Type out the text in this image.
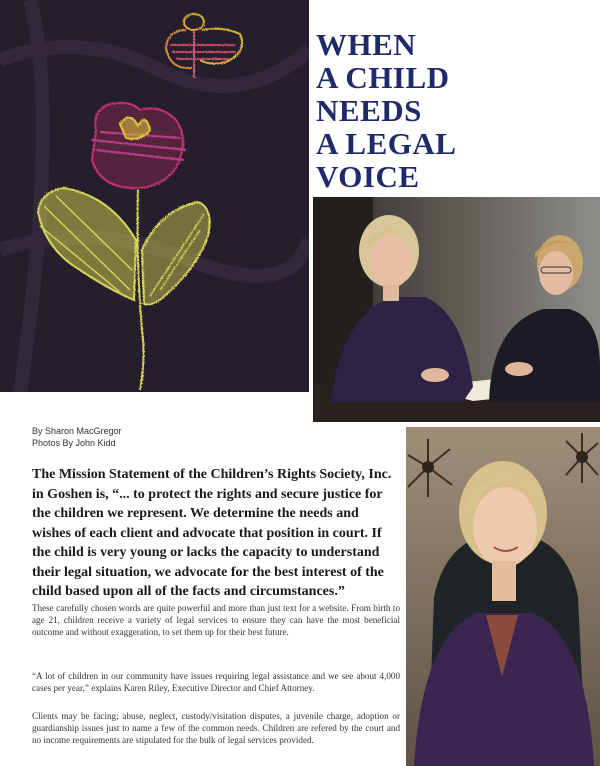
WHEN
A CHILD
NEEDS
A LEGAL
VOICE
By Sharon MacGregor
Photos By John Kidd
The Mission Statement of the Children’s Rights Society, Inc. in Goshen is, “... to protect the rights and secure justice for the children we represent. We determine the needs and wishes of each client and advocate that position in court. If the child is very young or lacks the capacity to understand their legal situation, we advocate for the best interest of the child based upon all of the facts and circumstances.”
These carefully chosen words are quite powerful and more than just text for a website. From birth to age 21, children receive a variety of legal services to ensure they can have the most beneficial outcome and without exaggeration, to set them up for their best future.
“A lot of children in our community have issues requiring legal assistance and we see about 4,000 cases per year,” explains Karen Riley, Executive Director and Chief Attorney.
Clients may be facing; abuse, neglect, custody/visitation disputes, a juvenile charge, adoption or guardianship issues just to name a few of the common needs. Children are refered by the court and no income requirements are stipulated for the bulk of legal services provided.
